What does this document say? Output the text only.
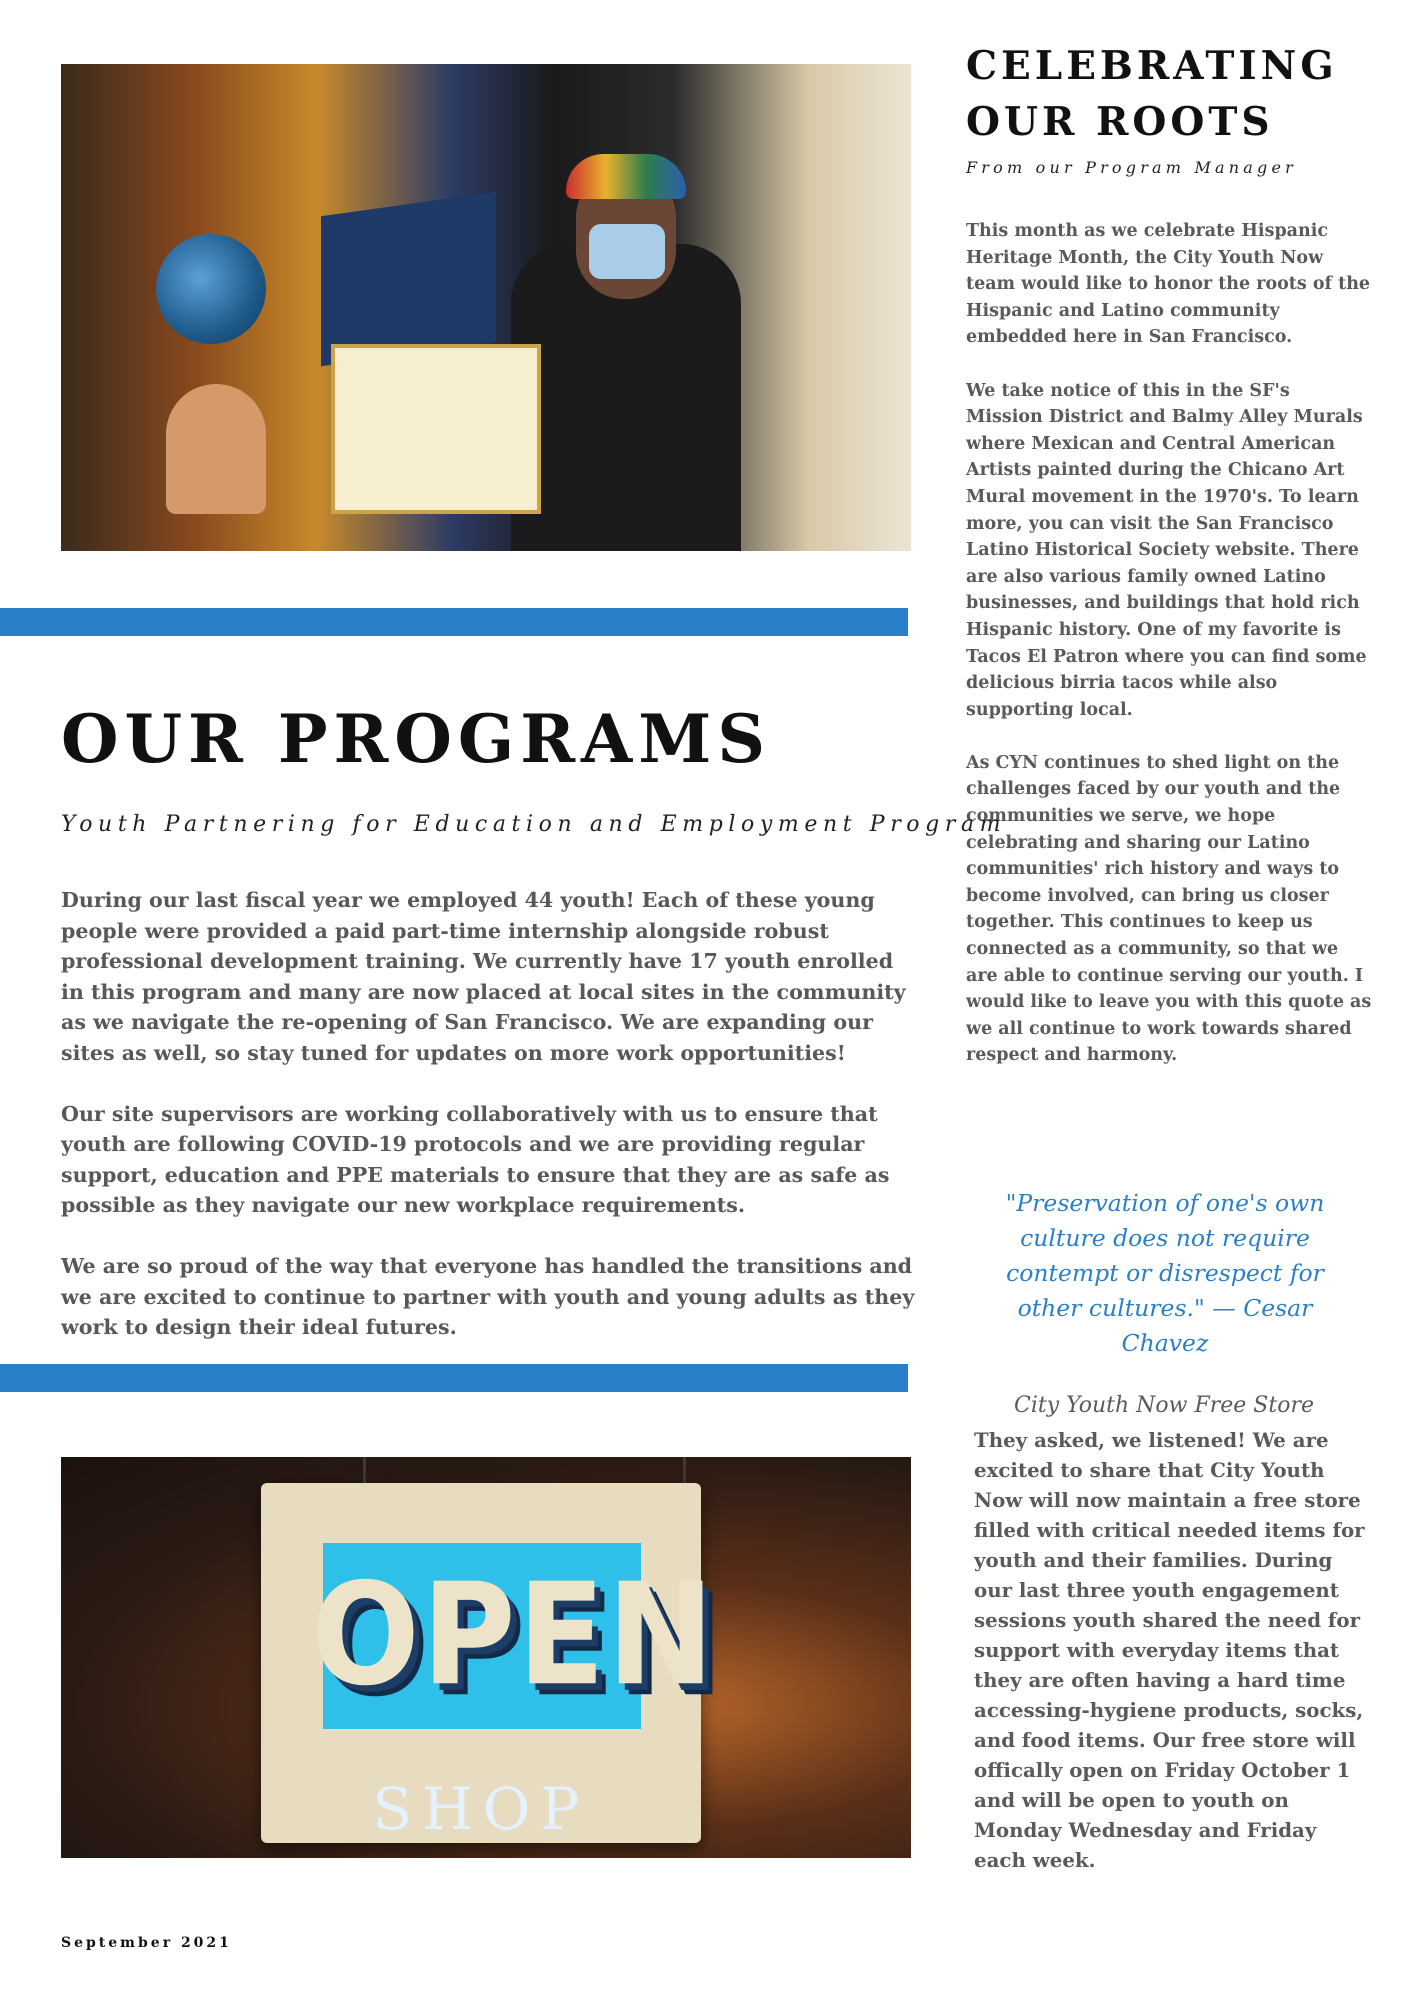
CELEBRATING OUR ROOTS

From our Program Manager

This month as we celebrate Hispanic Heritage Month, the City Youth Now team would like to honor the roots of the Hispanic and Latino community embedded here in San Francisco.

We take notice of this in the SF's Mission District and Balmy Alley Murals where Mexican and Central American Artists painted during the Chicano Art Mural movement in the 1970's. To learn more, you can visit the San Francisco Latino Historical Society website. There are also various family owned Latino businesses, and buildings that hold rich Hispanic history. One of my favorite is Tacos El Patron where you can find some delicious birria tacos while also supporting local.

As CYN continues to shed light on the challenges faced by our youth and the communities we serve, we hope celebrating and sharing our Latino communities' rich history and ways to become involved, can bring us closer together. This continues to keep us connected as a community, so that we are able to continue serving our youth. I would like to leave you with this quote as we all continue to work towards shared respect and harmony.

OUR PROGRAMS

Youth Partnering for Education and Employment Program

During our last fiscal year we employed 44 youth! Each of these young people were provided a paid part-time internship alongside robust professional development training. We currently have 17 youth enrolled in this program and many are now placed at local sites in the community as we navigate the re-opening of San Francisco. We are expanding our sites as well, so stay tuned for updates on more work opportunities!

Our site supervisors are working collaboratively with us to ensure that youth are following COVID-19 protocols and we are providing regular support, education and PPE materials to ensure that they are as safe as possible as they navigate our new workplace requirements.

We are so proud of the way that everyone has handled the transitions and we are excited to continue to partner with youth and young adults as they work to design their ideal futures.

"Preservation of one's own culture does not require contempt or disrespect for other cultures." — Cesar Chavez

City Youth Now Free Store

They asked, we listened! We are excited to share that City Youth Now will now maintain a free store filled with critical needed items for youth and their families. During our last three youth engagement sessions youth shared the need for support with everyday items that they are often having a hard time accessing-hygiene products, socks, and food items. Our free store will offically open on Friday October 1 and will be open to youth on Monday Wednesday and Friday each week.

OPEN
SHOP

September 2021
